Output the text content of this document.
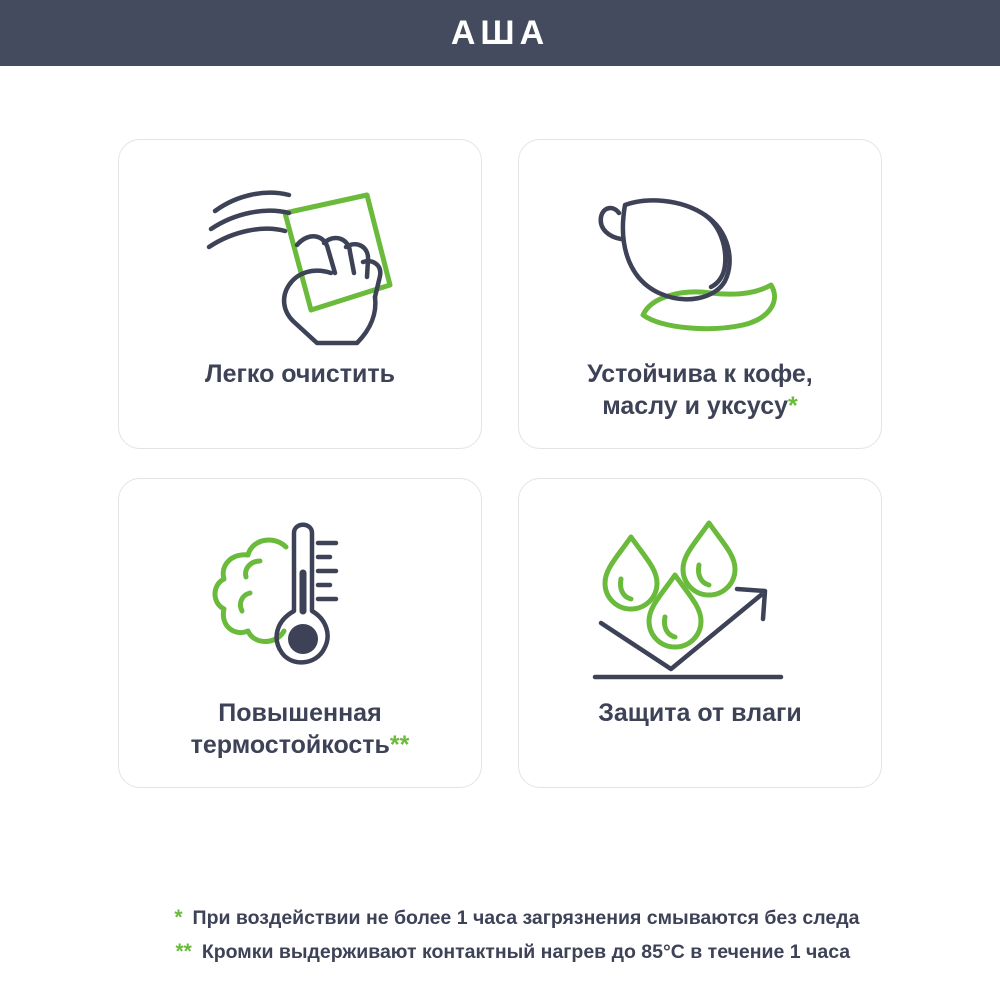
AШA
Легко очистить	Устойчива к кофе,
маслу и уксусу*
Повышенная
термостойкость**
Защита от влаги
* При воздействии не более 1 часа загрязнения смываются без следа
** Кромки выдерживают контактный нагрев до 85°С в течение 1 часа
